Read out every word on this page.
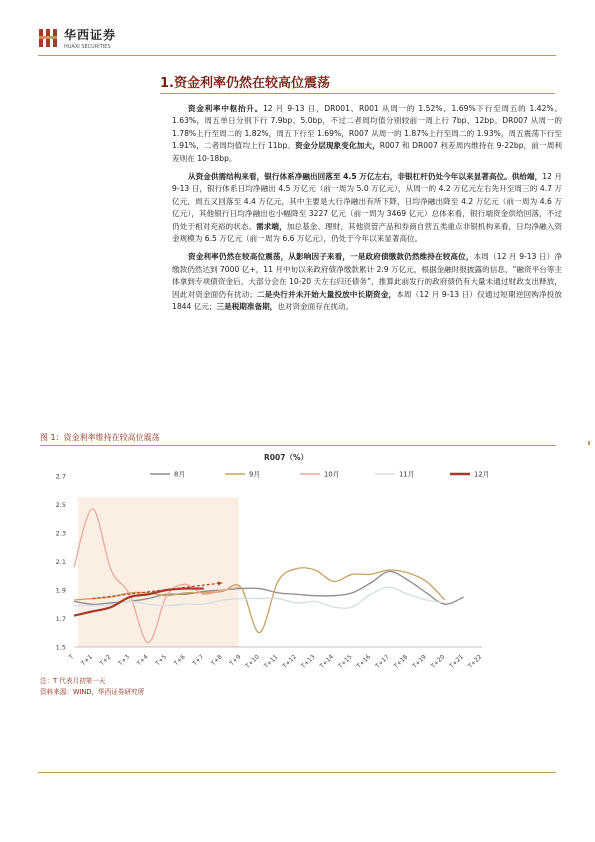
华西证券
HUAXI SECURITIES
1.资金利率仍然在较高位震荡

资金利率中枢抬升。12 月 9-13 日，DR001、R001 从周一的 1.52%、1.69%下行至周五的 1.42%、1.63%，周五单日分别下行 7.9bp、5.0bp，不过二者周均值分别较前一周上行 7bp、12bp。DR007 从周一的 1.78%上行至周二的 1.82%，周五下行至 1.69%，R007 从周一的 1.87%上行至周二的 1.93%，周五震荡下行至 1.91%，二者周均值均上行 11bp。资金分层现象变化加大，R007 和 DR007 利差周内维持在 9-22bp，前一周利差则在 10-18bp。

从资金供需结构来看，银行体系净融出回落至 4.5 万亿左右，非银杠杆仍处今年以来显著高位。供给端，12 月 9-13 日，银行体系日均净融出 4.5 万亿元（前一周为 5.0 万亿元），从周一的 4.2 万亿元左右先升至周三的 4.7 万亿元，周五又回落至 4.4 万亿元，其中主要是大行净融出有所下降，日均净融出降至 4.2 万亿元（前一周为 4.6 万亿元），其他银行日均净融出也小幅降至 3227 亿元（前一周为 3469 亿元）总体来看，银行端资金供给回落，不过仍处于相对充裕的状态。需求端，加总基金、理财、其他资管产品和券商自营五类重点非银机构来看，日均净融入资金规模为 6.5 万亿元（前一周为 6.6 万亿元），仍处于今年以来显著高位。

资金利率仍然在较高位震荡，从影响因子来看，一是政府债缴款仍然维持在较高位，本周（12 月 9-13 日）净缴款仍然达到 7000 亿+，11 月中旬以来政府债净缴款累计 2.9 万亿元，根据金融时报披露的信息，“融资平台等主体拿到专项债资金后，大部分会在 10-20 天左右归还债务”，推算此前发行的政府债仍有大量未通过财政支出释放，因此对资金面仍有扰动；二是央行并未开始大量投放中长期资金，本周（12 月 9-13 日）仅通过短期逆回购净投放 1844 亿元；三是税期准备期，也对资金面存在扰动。

图 1：资金利率维持在较高位震荡
1.5
1.7
1.9
2.1
2.3
2.5
2.7
T T+1 T+2 T+3 T+4 T+5 T+6 T+7 T+8 T+9 T+10 T+11 T+12 T+13 T+14 T+15 T+16 T+17 T+18 T+19 T+20 T+21 T+22
R007（%）
8月	9月	10月	11月	12月
注：T 代表月初第一天
资料来源：WIND，华西证券研究所
